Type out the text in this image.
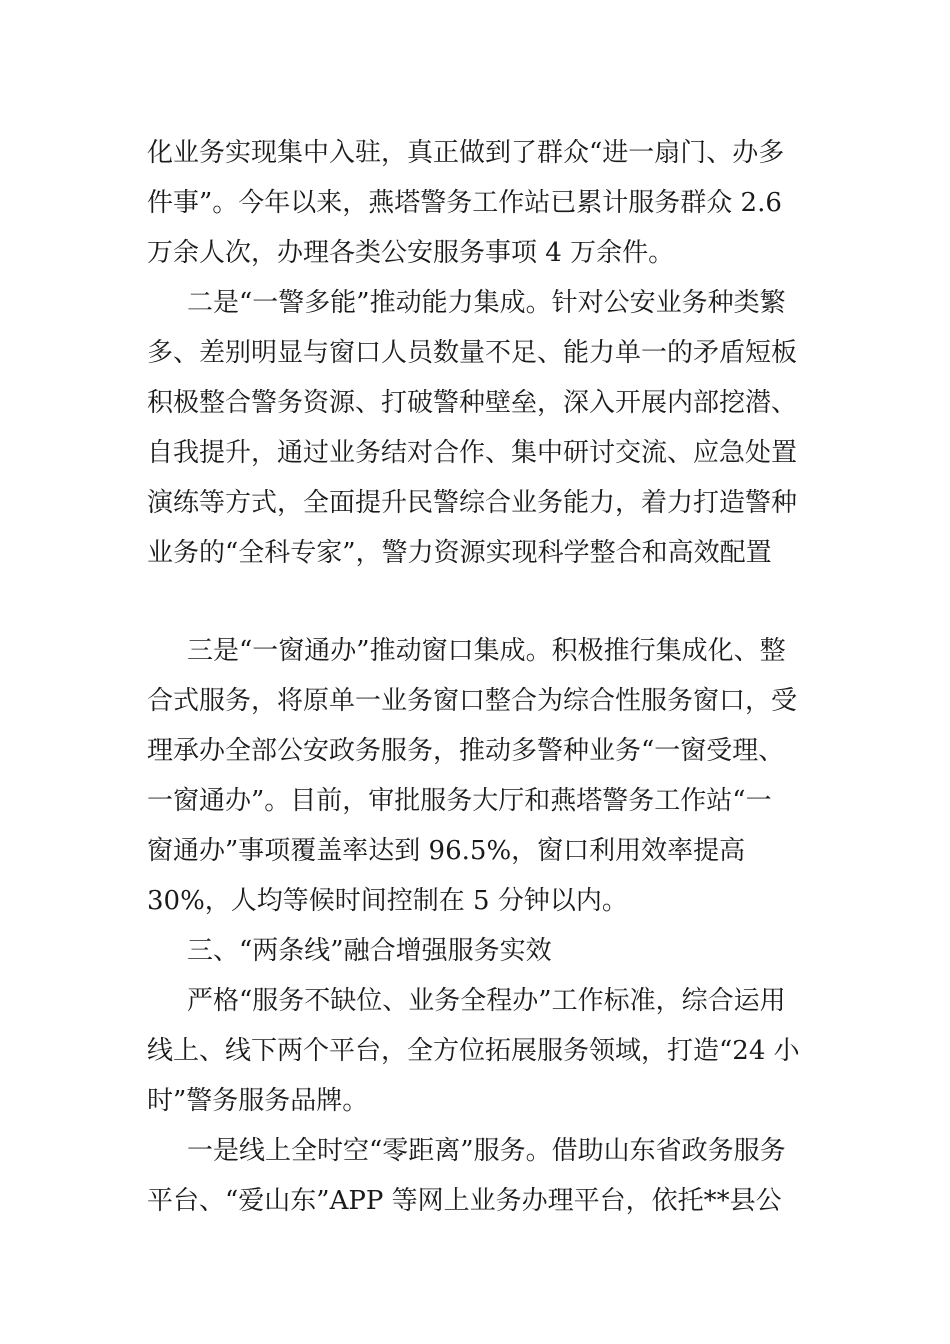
化业务实现集中入驻，真正做到了群众“进一扇门、办多
件事”。今年以来，燕塔警务工作站已累计服务群众 2.6
万余人次，办理各类公安服务事项 4 万余件。

二是“一警多能”推动能力集成。针对公安业务种类繁
多、差别明显与窗口人员数量不足、能力单一的矛盾短板
积极整合警务资源、打破警种壁垒，深入开展内部挖潜、
自我提升，通过业务结对合作、集中研讨交流、应急处置
演练等方式，全面提升民警综合业务能力，着力打造警种
业务的“全科专家”，警力资源实现科学整合和高效配置

三是“一窗通办”推动窗口集成。积极推行集成化、整
合式服务，将原单一业务窗口整合为综合性服务窗口，受
理承办全部公安政务服务，推动多警种业务“一窗受理、
一窗通办”。目前，审批服务大厅和燕塔警务工作站“一
窗通办”事项覆盖率达到 96.5%，窗口利用效率提高
30%，人均等候时间控制在 5 分钟以内。

三、“两条线”融合增强服务实效

严格“服务不缺位、业务全程办”工作标准，综合运用
线上、线下两个平台，全方位拓展服务领域，打造“24 小
时”警务服务品牌。

一是线上全时空“零距离”服务。借助山东省政务服务
平台、“爱山东”APP 等网上业务办理平台，依托**县公
